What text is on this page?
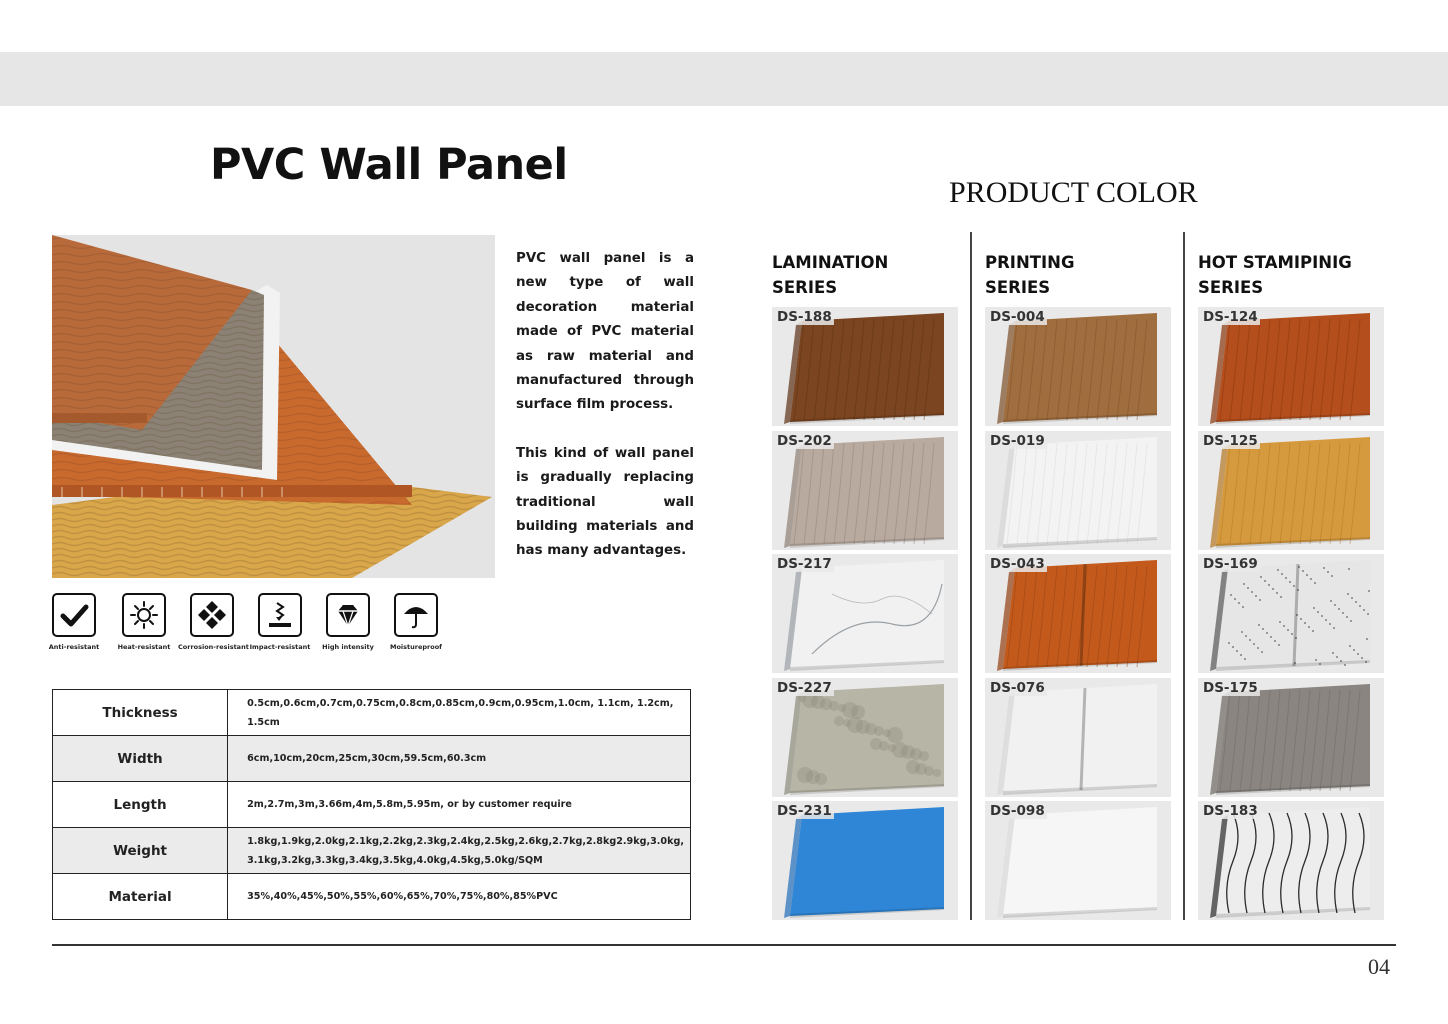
PVC Wall Panel
PRODUCT COLOR

PVC wall panel is a new type of wall decoration material made of PVC material as raw material and manufactured through surface film process.

This kind of wall panel is gradually replacing traditional wall building materials and has many advantages.

Anti-resistant	Heat-resistant	Corrosion-resistant Impact-resistant	High intensity	Moistureproof
Thickness	0.5cm,0.6cm,0.7cm,0.75cm,0.8cm,0.85cm,0.9cm,0.95cm,1.0cm, 1.1cm, 1.2cm, 1.5cm
Width	6cm,10cm,20cm,25cm,30cm,59.5cm,60.3cm
Length	2m,2.7m,3m,3.66m,4m,5.8m,5.95m, or by customer require
Weight	1.8kg,1.9kg,2.0kg,2.1kg,2.2kg,2.3kg,2.4kg,2.5kg,2.6kg,2.7kg,2.8kg2.9kg,3.0kg, 3.1kg,3.2kg,3.3kg,3.4kg,3.5kg,4.0kg,4.5kg,5.0kg/SQM
Material	35%,40%,45%,50%,55%,60%,65%,70%,75%,80%,85%PVC
LAMINATION
SERIES
PRINTING
SERIES
HOT STAMIPINIG
SERIES
DS-188
DS-202
DS-217
DS-227
DS-231
DS-004
DS-019
DS-043
DS-076
DS-098
DS-124
DS-125
DS-169
DS-175
DS-183
04
